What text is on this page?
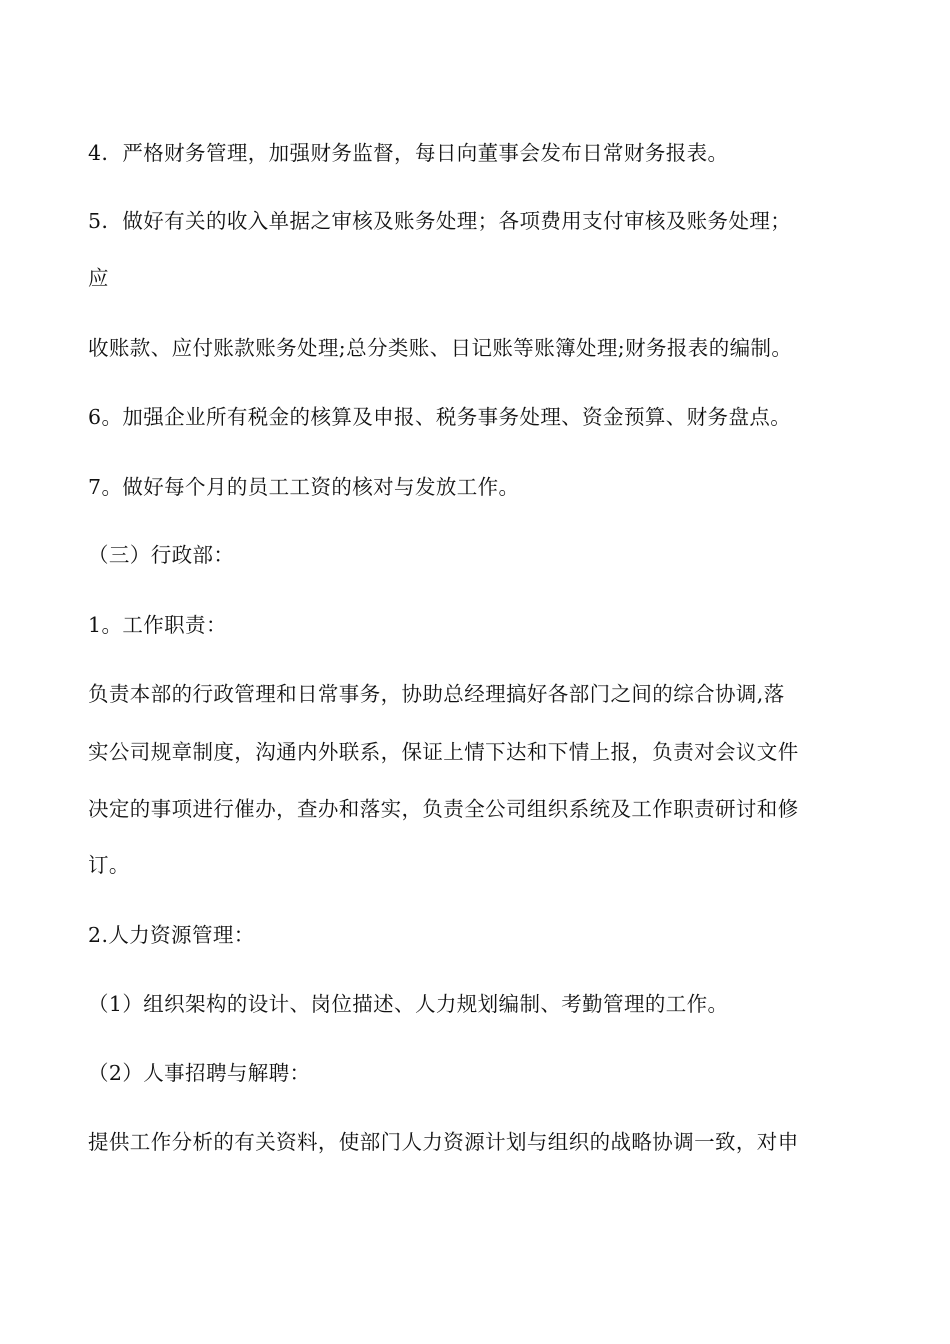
4．严格财务管理，加强财务监督，每日向董事会发布日常财务报表。
5．做好有关的收入单据之审核及账务处理；各项费用支付审核及账务处理；
应
收账款、应付账款账务处理;总分类账、日记账等账簿处理;财务报表的编制。
6。加强企业所有税金的核算及申报、税务事务处理、资金预算、财务盘点。
7。做好每个月的员工工资的核对与发放工作。
（三）行政部：
1。工作职责：
负责本部的行政管理和日常事务，协助总经理搞好各部门之间的综合协调,落
实公司规章制度，沟通内外联系，保证上情下达和下情上报，负责对会议文件
决定的事项进行催办，查办和落实，负责全公司组织系统及工作职责研讨和修
订。
2.人力资源管理：
（1）组织架构的设计、岗位描述、人力规划编制、考勤管理的工作。
（2）人事招聘与解聘：
提供工作分析的有关资料，使部门人力资源计划与组织的战略协调一致，对申
